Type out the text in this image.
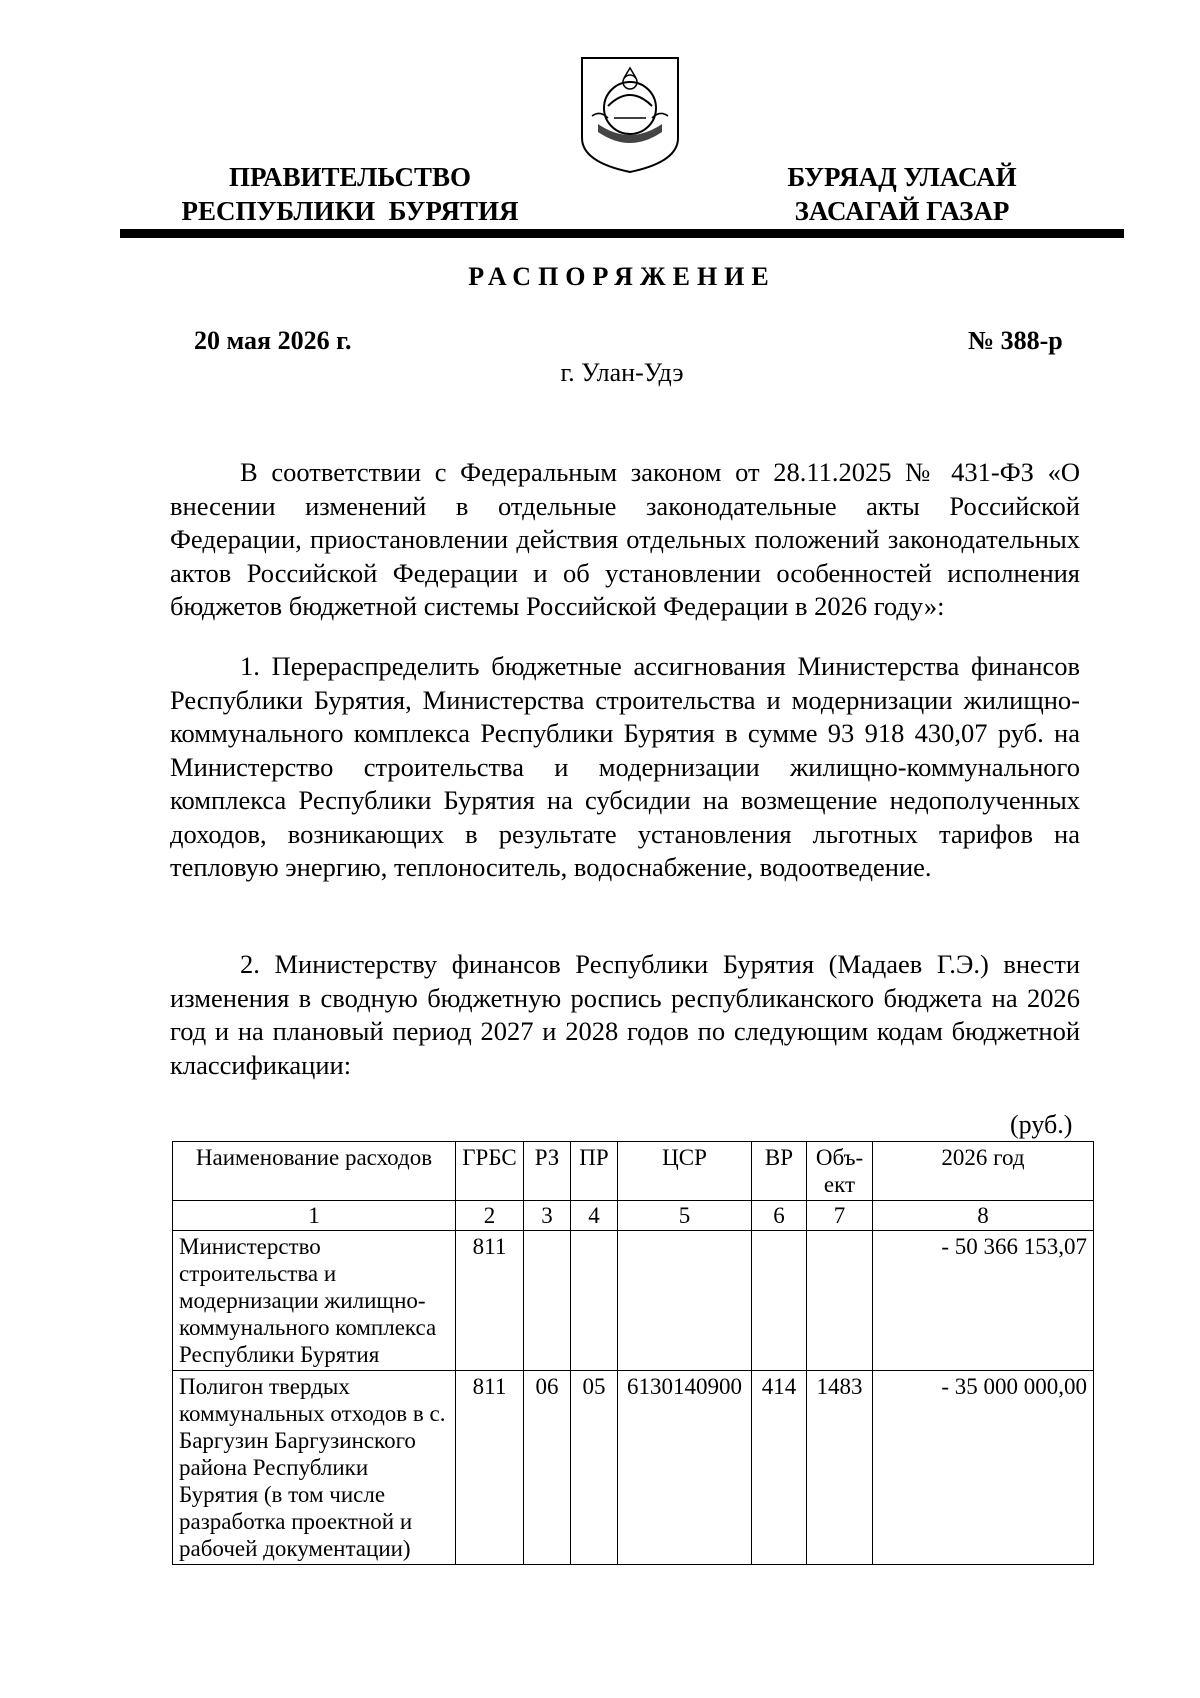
ПРАВИТЕЛЬСТВО
РЕСПУБЛИКИ  БУРЯТИЯ
БУРЯАД УЛАСАЙ
ЗАСАГАЙ ГАЗАР
РАСПОРЯЖЕНИЕ
20 мая 2026 г.	№ 388-р
г. Улан-Удэ
В соответствии с Федеральным законом от 28.11.2025 № 431-ФЗ «О внесении изменений в отдельные законодательные акты Российской Федерации, приостановлении действия отдельных положений законодательных актов Российской Федерации и об установлении особенностей исполнения бюджетов бюджетной системы Российской Федерации в 2026 году»:
1. Перераспределить бюджетные ассигнования Министерства финансов Республики Бурятия, Министерства строительства и модернизации жилищно-коммунального комплекса Республики Бурятия в сумме 93 918 430,07 руб. на Министерство строительства и модернизации жилищно-коммунального комплекса Республики Бурятия на субсидии на возмещение недополученных доходов, возникающих в результате установления льготных тарифов на тепловую энергию, теплоноситель, водоснабжение, водоотведение.
2. Министерству финансов Республики Бурятия (Мадаев Г.Э.) внести изменения в сводную бюджетную роспись республиканского бюджета на 2026 год и на плановый период 2027 и 2028 годов по следующим кодам бюджетной классификации:
(руб.)
Наименование расходов	ГРБС	РЗ	ПР	ЦСР	ВР	Объ-ект	2026 год
1	2	3	4	5	6	7	8
Министерство строительства и модернизации жилищно-коммунального комплекса Республики Бурятия	811						- 50 366 153,07
Полигон твердых коммунальных отходов в с. Баргузин Баргузинского района Республики Бурятия (в том числе разработка проектной и рабочей документации)	811	06	05	6130140900	414	1483	- 35 000 000,00
